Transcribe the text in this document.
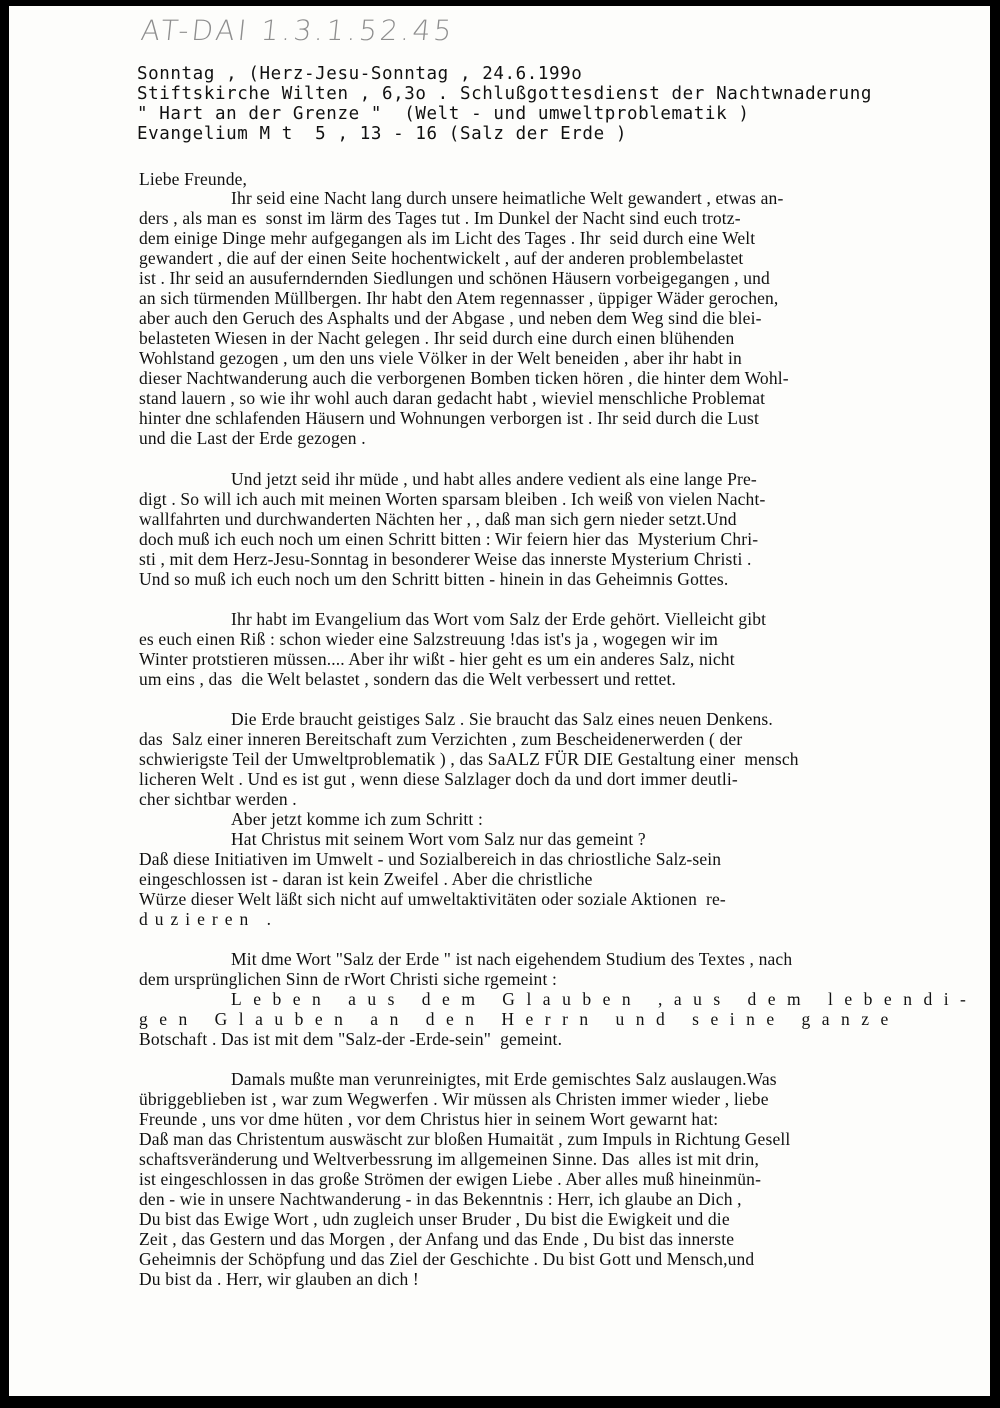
AT-DAI 1.3.1.52.45
Sonntag , (Herz-Jesu-Sonntag , 24.6.199o
Stiftskirche Wilten , 6,3o . Schlußgottesdienst der Nachtwnaderung
" Hart an der Grenze "  (Welt - und umweltproblematik )
Evangelium M t  5 , 13 - 16 (Salz der Erde )
Liebe Freunde,
Ihr seid eine Nacht lang durch unsere heimatliche Welt gewandert , etwas an-
ders , als man es  sonst im lärm des Tages tut . Im Dunkel der Nacht sind euch trotz-
dem einige Dinge mehr aufgegangen als im Licht des Tages . Ihr  seid durch eine Welt
gewandert , die auf der einen Seite hochentwickelt , auf der anderen problembelastet
ist . Ihr seid an ausuferndernden Siedlungen und schönen Häusern vorbeigegangen , und
an sich türmenden Müllbergen. Ihr habt den Atem regennasser , üppiger Wäder gerochen,
aber auch den Geruch des Asphalts und der Abgase , und neben dem Weg sind die blei-
belasteten Wiesen in der Nacht gelegen . Ihr seid durch eine durch einen blühenden
Wohlstand gezogen , um den uns viele Völker in der Welt beneiden , aber ihr habt in
dieser Nachtwanderung auch die verborgenen Bomben ticken hören , die hinter dem Wohl-
stand lauern , so wie ihr wohl auch daran gedacht habt , wieviel menschliche Problemat
hinter dne schlafenden Häusern und Wohnungen verborgen ist . Ihr seid durch die Lust
und die Last der Erde gezogen .
Und jetzt seid ihr müde , und habt alles andere vedient als eine lange Pre-
digt . So will ich auch mit meinen Worten sparsam bleiben . Ich weiß von vielen Nacht-
wallfahrten und durchwanderten Nächten her , , daß man sich gern nieder setzt.Und
doch muß ich euch noch um einen Schritt bitten : Wir feiern hier das  Mysterium Chri-
sti , mit dem Herz-Jesu-Sonntag in besonderer Weise das innerste Mysterium Christi .
Und so muß ich euch noch um den Schritt bitten - hinein in das Geheimnis Gottes.
Ihr habt im Evangelium das Wort vom Salz der Erde gehört. Vielleicht gibt
es euch einen Riß : schon wieder eine Salzstreuung !das ist's ja , wogegen wir im
Winter protstieren müssen.... Aber ihr wißt - hier geht es um ein anderes Salz, nicht
um eins , das  die Welt belastet , sondern das die Welt verbessert und rettet.
Die Erde braucht geistiges Salz . Sie braucht das Salz eines neuen Denkens.
das  Salz einer inneren Bereitschaft zum Verzichten , zum Bescheidenerwerden ( der
schwierigste Teil der Umweltproblematik ) , das SaALZ FÜR DIE Gestaltung einer  mensch
licheren Welt . Und es ist gut , wenn diese Salzlager doch da und dort immer deutli-
cher sichtbar werden .
Aber jetzt komme ich zum Schritt :
Hat Christus mit seinem Wort vom Salz nur das gemeint ?
Daß diese Initiativen im Umwelt - und Sozialbereich in das chriostliche Salz-sein
eingeschlossen ist - daran ist kein Zweifel . Aber die christliche
Würze dieser Welt läßt sich nicht auf umweltaktivitäten oder soziale Aktionen  re-
duzieren .
Mit dme Wort "Salz der Erde " ist nach eigehendem Studium des Textes , nach
dem ursprünglichen Sinn de rWort Christi siche rgemeint :
Leben aus dem Glauben ,aus dem lebendi-
gen Glauben an den Herrn und seine ganze
Botschaft . Das ist mit dem "Salz-der -Erde-sein"  gemeint.
Damals mußte man verunreinigtes, mit Erde gemischtes Salz auslaugen.Was
übriggeblieben ist , war zum Wegwerfen . Wir müssen als Christen immer wieder , liebe
Freunde , uns vor dme hüten , vor dem Christus hier in seinem Wort gewarnt hat:
Daß man das Christentum auswäscht zur bloßen Humaität , zum Impuls in Richtung Gesell
schaftsveränderung und Weltverbessrung im allgemeinen Sinne. Das  alles ist mit drin,
ist eingeschlossen in das große Strömen der ewigen Liebe . Aber alles muß hineinmün-
den - wie in unsere Nachtwanderung - in das Bekenntnis : Herr, ich glaube an Dich ,
Du bist das Ewige Wort , udn zugleich unser Bruder , Du bist die Ewigkeit und die
Zeit , das Gestern und das Morgen , der Anfang und das Ende , Du bist das innerste
Geheimnis der Schöpfung und das Ziel der Geschichte . Du bist Gott und Mensch,und
Du bist da . Herr, wir glauben an dich !
